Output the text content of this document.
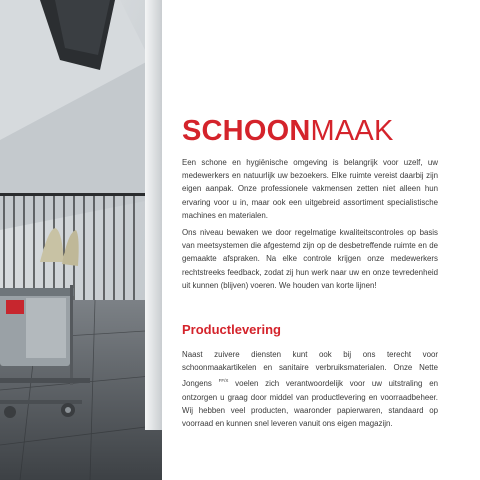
SCHOONMAAK

Een schone en hygiënische omgeving is belangrijk voor uzelf, uw medewerkers en natuurlijk uw bezoekers. Elke ruimte vereist daarbij zijn eigen aanpak. Onze professionele vakmensen zetten niet alleen hun ervaring voor u in, maar ook een uitgebreid assortiment specialistische machines en materialen.

Ons niveau bewaken we door regelmatige kwaliteitscontroles op basis van meetsystemen die afgestemd zijn op de desbetreffende ruimte en de gemaakte afspraken. Na elke controle krijgen onze medewerkers rechtstreeks feedback, zodat zij hun werk naar uw en onze tevredenheid uit kunnen (blijven) voeren. We houden van korte lijnen!

Productlevering

Naast zuivere diensten kunt ook bij ons terecht voor schoonmaakartikelen en sanitaire verbruiksmaterialen. Onze Nette Jongens $^{FF/X}$ voelen zich verantwoordelijk voor uw uitstraling en ontzorgen u graag door middel van productlevering en voorraadbeheer. Wij hebben veel producten, waaronder papierwaren, standaard op voorraad en kunnen snel leveren vanuit ons eigen magazijn.
